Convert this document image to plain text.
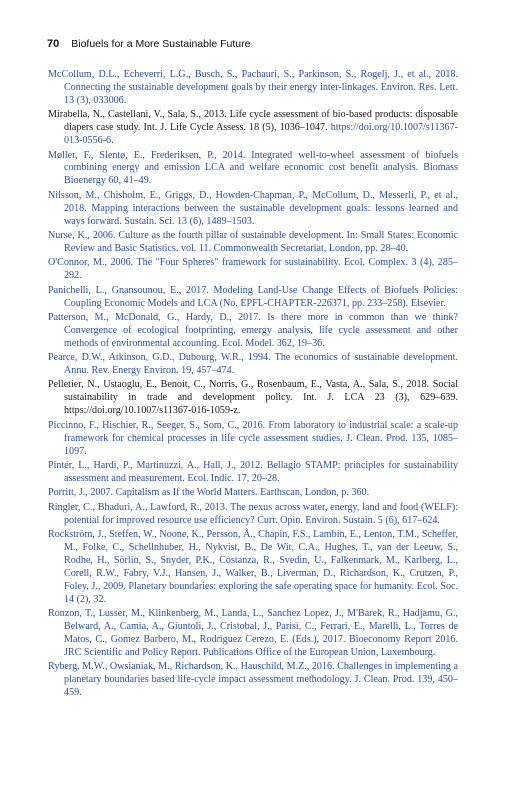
70 Biofuels for a More Sustainable Future

McCollum, D.L., Echeverri, L.G., Busch, S., Pachauri, S., Parkinson, S., Rogelj, J., et al., 2018. Connecting the sustainable development goals by their energy inter-linkages. Environ. Res. Lett. 13 (3), 033006.

Mirabella, N., Castellani, V., Sala, S., 2013. Life cycle assessment of bio-based products: disposable diapers case study. Int. J. Life Cycle Assess. 18 (5), 1036–1047. https://doi.org/10.1007/s11367-013-0556-6.

Møller, F., Slentø, E., Frederiksen, P., 2014. Integrated well-to-wheel assessment of biofuels combining energy and emission LCA and welfare economic cost benefit analysis. Biomass Bioenergy 60, 41–49.

Nilsson, M., Chisholm, E., Griggs, D., Howden-Chapman, P., McCollum, D., Messerli, P., et al., 2018. Mapping interactions between the sustainable development goals: lessons learned and ways forward. Sustain. Sci. 13 (6), 1489–1503.

Nurse, K., 2006. Culture as the fourth pillar of sustainable development. In: Small States: Economic Review and Basic Statistics. vol. 11. Commonwealth Secretariat, London, pp. 28–40.

O'Connor, M., 2006. The "Four Spheres" framework for sustainability. Ecol. Complex. 3 (4), 285–292.

Panichelli, L., Gnansounou, E., 2017. Modeling Land-Use Change Effects of Biofuels Policies: Coupling Economic Models and LCA (No. EPFL-CHAPTER-226371, pp. 233–258). Elsevier.

Patterson, M., McDonald, G., Hardy, D., 2017. Is there more in common than we think? Convergence of ecological footprinting, emergy analysis, life cycle assessment and other methods of environmental accounting. Ecol. Model. 362, 19–36.

Pearce, D.W., Atkinson, G.D., Dubourg, W.R., 1994. The economics of sustainable development. Annu. Rev. Energy Environ. 19, 457–474.

Pelletier, N., Ustaoglu, E., Benoit, C., Norris, G., Rosenbaum, E., Vasta, A., Sala, S., 2018. Social sustainability in trade and development policy. Int. J. LCA 23 (3), 629–639. https://doi.org/10.1007/s11367-016-1059-z.

Piccinno, F., Hischier, R., Seeger, S., Som, C., 2016. From laboratory to industrial scale: a scale-up framework for chemical processes in life cycle assessment studies. J. Clean. Prod. 135, 1085–1097.

Pintér, L., Hardi, P., Martinuzzi, A., Hall, J., 2012. Bellagio STAMP: principles for sustainability assessment and measurement. Ecol. Indic. 17, 20–28.

Porritt, J., 2007. Capitalism as If the World Matters. Earthscan, London, p. 360.

Ringler, C., Bhaduri, A., Lawford, R., 2013. The nexus across water, energy, land and food (WELF): potential for improved resource use efficiency? Curr. Opin. Environ. Sustain. 5 (6), 617–624.

Rockström, J., Steffen, W., Noone, K., Persson, Å., Chapin, F.S., Lambin, E., Lenton, T.M., Scheffer, M., Folke, C., Schellnhuber, H., Nykvist, B., De Wit, C.A., Hughes, T., van der Leeuw, S., Rodhe, H., Sörlin, S., Snyder, P.K., Costanza, R., Svedin, U., Falkenmark, M., Karlberg, L., Corell, R.W., Fabry, V.J., Hansen, J., Walker, B., Liverman, D., Richardson, K., Crutzen, P., Foley, J., 2009. Planetary boundaries: exploring the safe operating space for humanity. Ecol. Soc. 14 (2), 32.

Ronzon, T., Lusser, M., Klinkenberg, M., Landa, L., Sanchez Lopez, J., M'Barek, R., Hadjamu, G., Belward, A., Camia, A., Giuntoli, J., Cristobal, J., Parisi, C., Ferrari, E., Marelli, L., Torres de Matos, C., Gomez Barbero, M., Rodriguez Cerezo, E. (Eds.), 2017. Bioeconomy Report 2016. JRC Scientific and Policy Report. Publications Office of the European Union, Luxembourg.

Ryberg, M.W., Owsianiak, M., Richardson, K., Hauschild, M.Z., 2016. Challenges in implementing a planetary boundaries based life-cycle impact assessment methodology. J. Clean. Prod. 139, 450–459.
